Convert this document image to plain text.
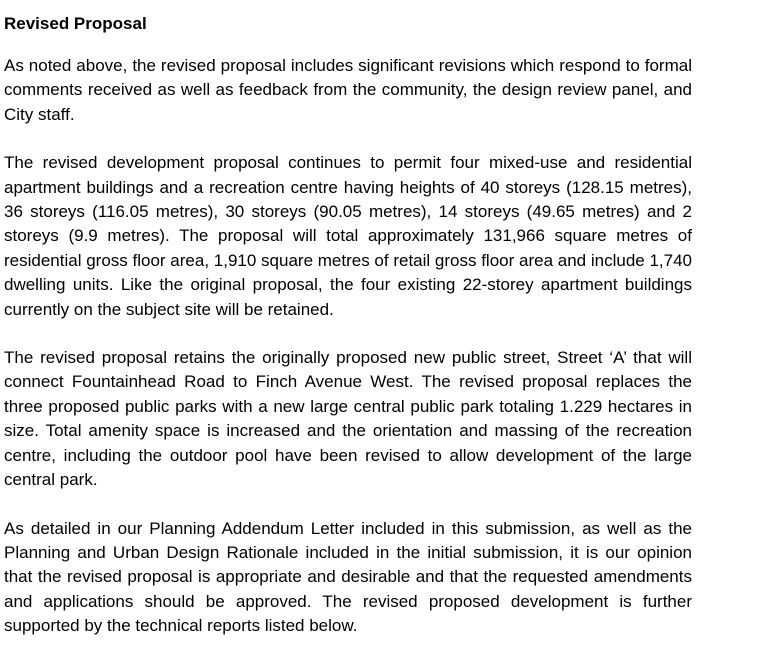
Revised Proposal

As noted above, the revised proposal includes significant revisions which respond to formal comments received as well as feedback from the community, the design review panel, and City staff.

The revised development proposal continues to permit four mixed-use and residential apartment buildings and a recreation centre having heights of 40 storeys (128.15 metres), 36 storeys (116.05 metres), 30 storeys (90.05 metres), 14 storeys (49.65 metres) and 2 storeys (9.9 metres). The proposal will total approximately 131,966 square metres of residential gross floor area, 1,910 square metres of retail gross floor area and include 1,740 dwelling units. Like the original proposal, the four existing 22-storey apartment buildings currently on the subject site will be retained.

The revised proposal retains the originally proposed new public street, Street ‘A’ that will connect Fountainhead Road to Finch Avenue West. The revised proposal replaces the three proposed public parks with a new large central public park totaling 1.229 hectares in size. Total amenity space is increased and the orientation and massing of the recreation centre, including the outdoor pool have been revised to allow development of the large central park.

As detailed in our Planning Addendum Letter included in this submission, as well as the Planning and Urban Design Rationale included in the initial submission, it is our opinion that the revised proposal is appropriate and desirable and that the requested amendments and applications should be approved. The revised proposed development is further supported by the technical reports listed below.
